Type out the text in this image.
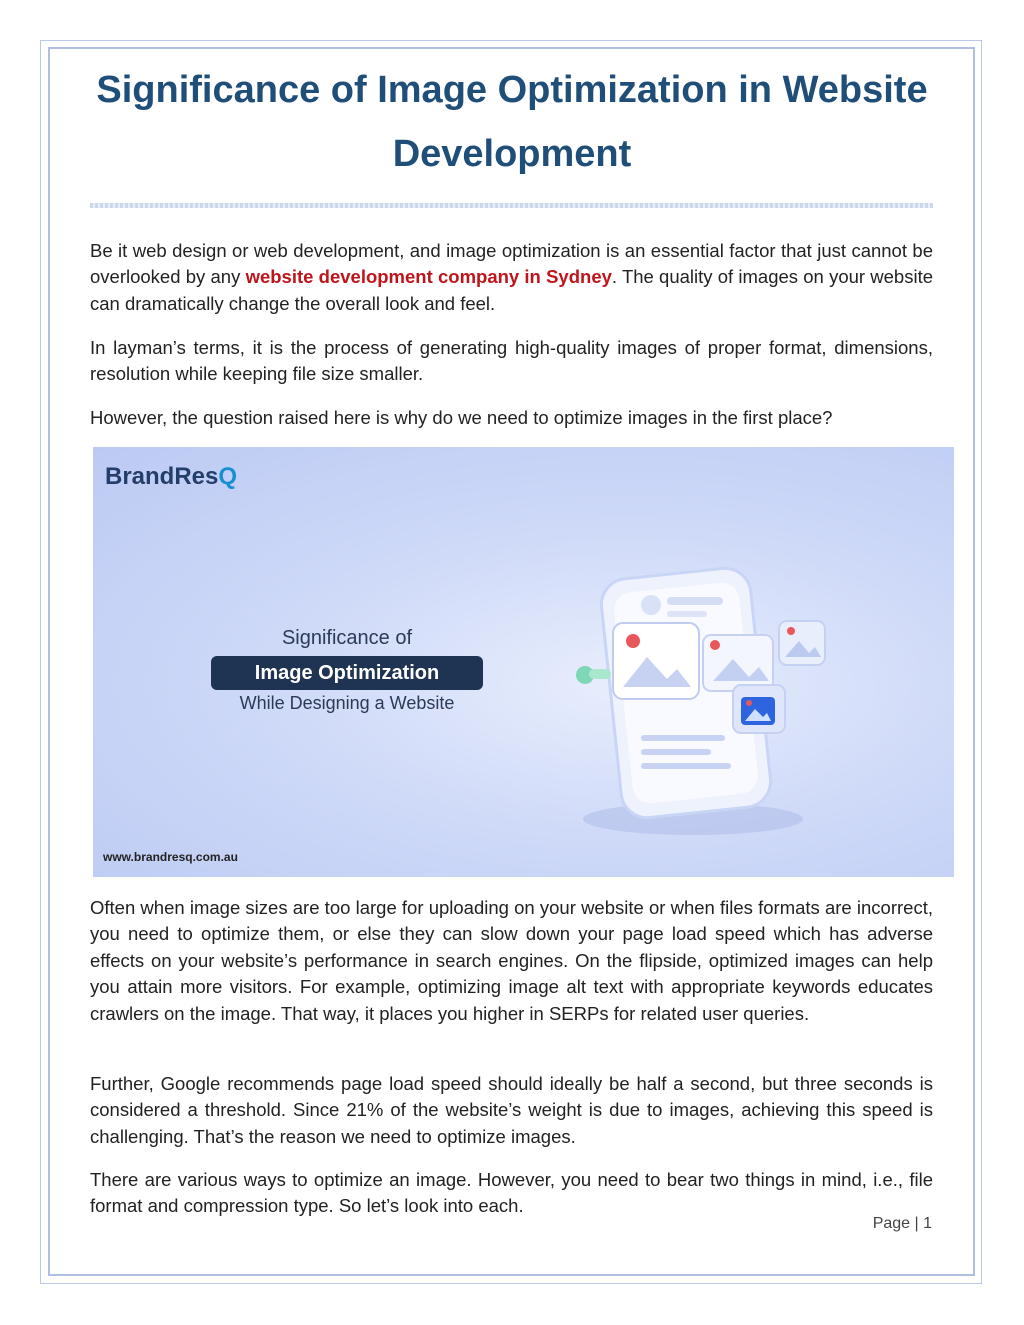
Significance of Image Optimization in Website Development

Be it web design or web development, and image optimization is an essential factor that just cannot be overlooked by any website development company in Sydney. The quality of images on your website can dramatically change the overall look and feel.

In layman’s terms, it is the process of generating high-quality images of proper format, dimensions, resolution while keeping file size smaller.

However, the question raised here is why do we need to optimize images in the first place?

BrandResQ
Significance of
Image Optimization
While Designing a Website
www.brandresq.com.au

Often when image sizes are too large for uploading on your website or when files formats are incorrect, you need to optimize them, or else they can slow down your page load speed which has adverse effects on your website’s performance in search engines. On the flipside, optimized images can help you attain more visitors. For example, optimizing image alt text with appropriate keywords educates crawlers on the image. That way, it places you higher in SERPs for related user queries.

Further, Google recommends page load speed should ideally be half a second, but three seconds is considered a threshold. Since 21% of the website’s weight is due to images, achieving this speed is challenging. That’s the reason we need to optimize images.

There are various ways to optimize an image. However, you need to bear two things in mind, i.e., file format and compression type. So let’s look into each.

Page | 1
